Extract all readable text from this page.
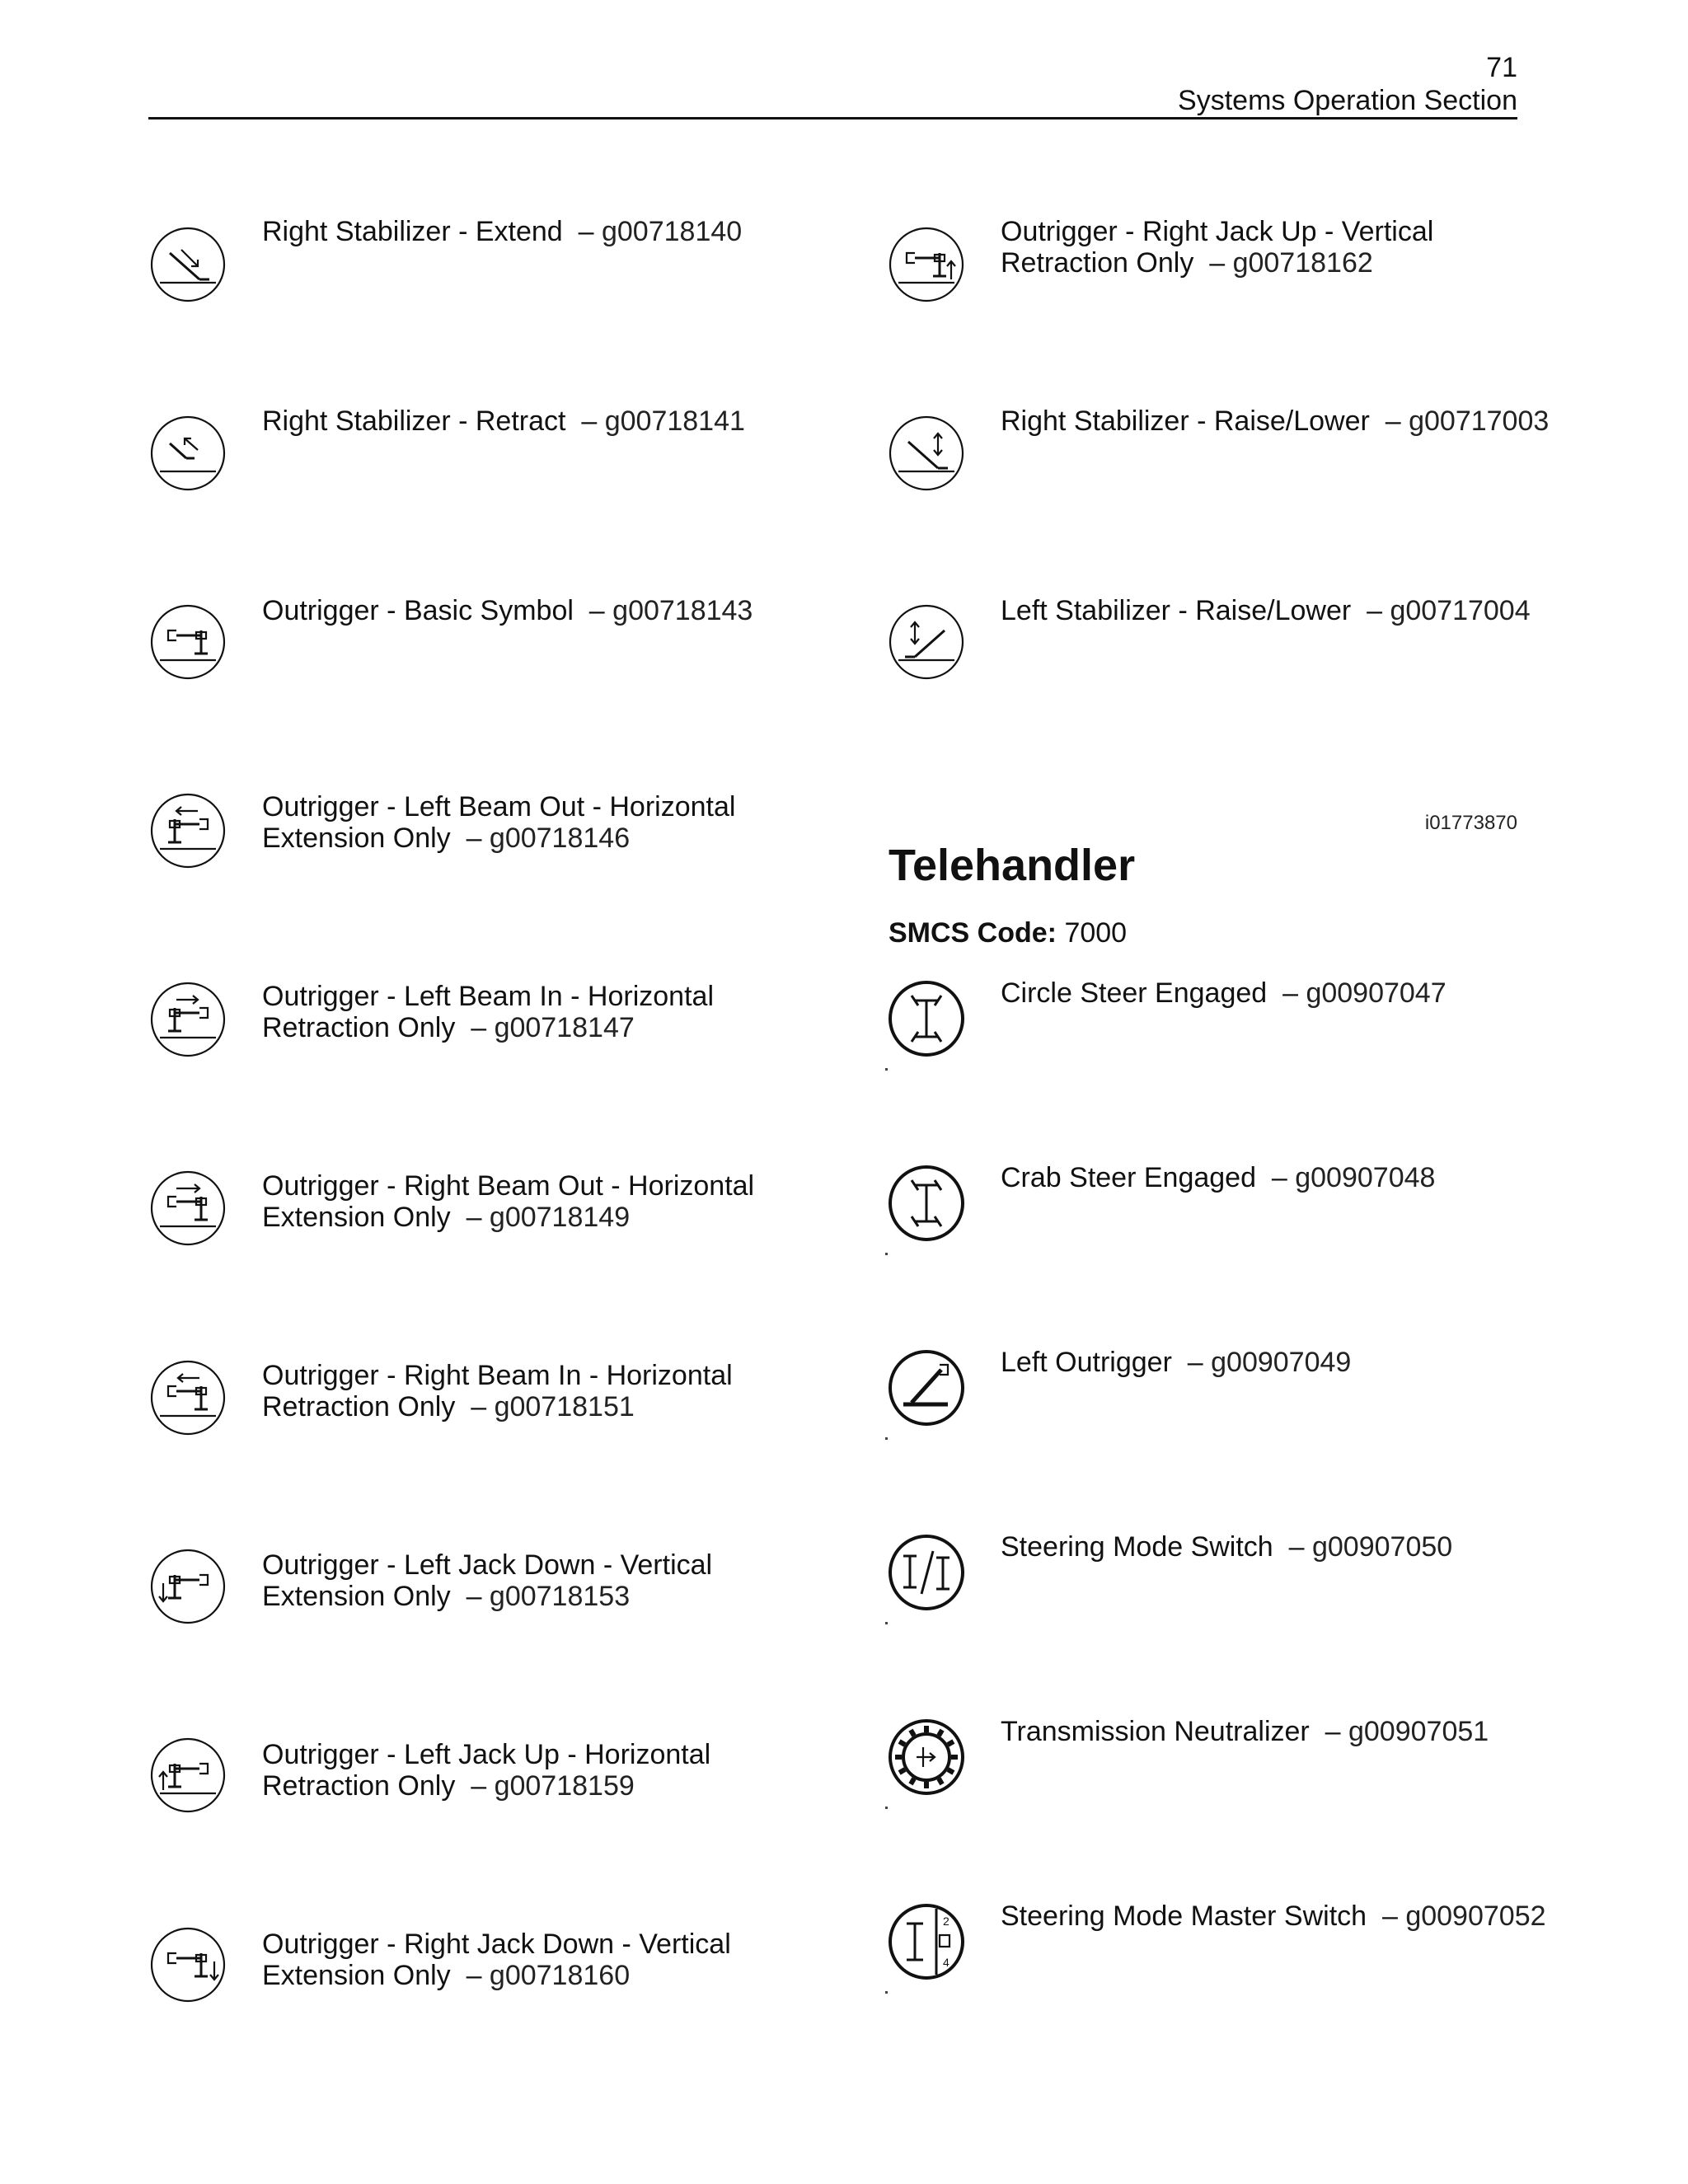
71
Systems Operation Section
Right Stabilizer - Extend  – g00718140
Right Stabilizer - Retract  – g00718141
Outrigger - Basic Symbol  – g00718143
Outrigger - Left Beam Out - Horizontal
Extension Only  – g00718146
Outrigger - Left Beam In - Horizontal
Retraction Only  – g00718147
Outrigger - Right Beam Out - Horizontal
Extension Only  – g00718149
Outrigger - Right Beam In - Horizontal
Retraction Only  – g00718151
Outrigger - Left Jack Down - Vertical
Extension Only  – g00718153
Outrigger - Left Jack Up - Horizontal
Retraction Only  – g00718159
Outrigger - Right Jack Down - Vertical
Extension Only  – g00718160
Outrigger - Right Jack Up - Vertical
Retraction Only  – g00718162
Right Stabilizer - Raise/Lower  – g00717003
Left Stabilizer - Raise/Lower  – g00717004
Circle Steer Engaged  – g00907047
Crab Steer Engaged  – g00907048
Left Outrigger  – g00907049
Steering Mode Switch  – g00907050
Transmission Neutralizer  – g00907051
2
4
Steering Mode Master Switch  – g00907052
i01773870
Telehandler
SMCS Code: 7000
